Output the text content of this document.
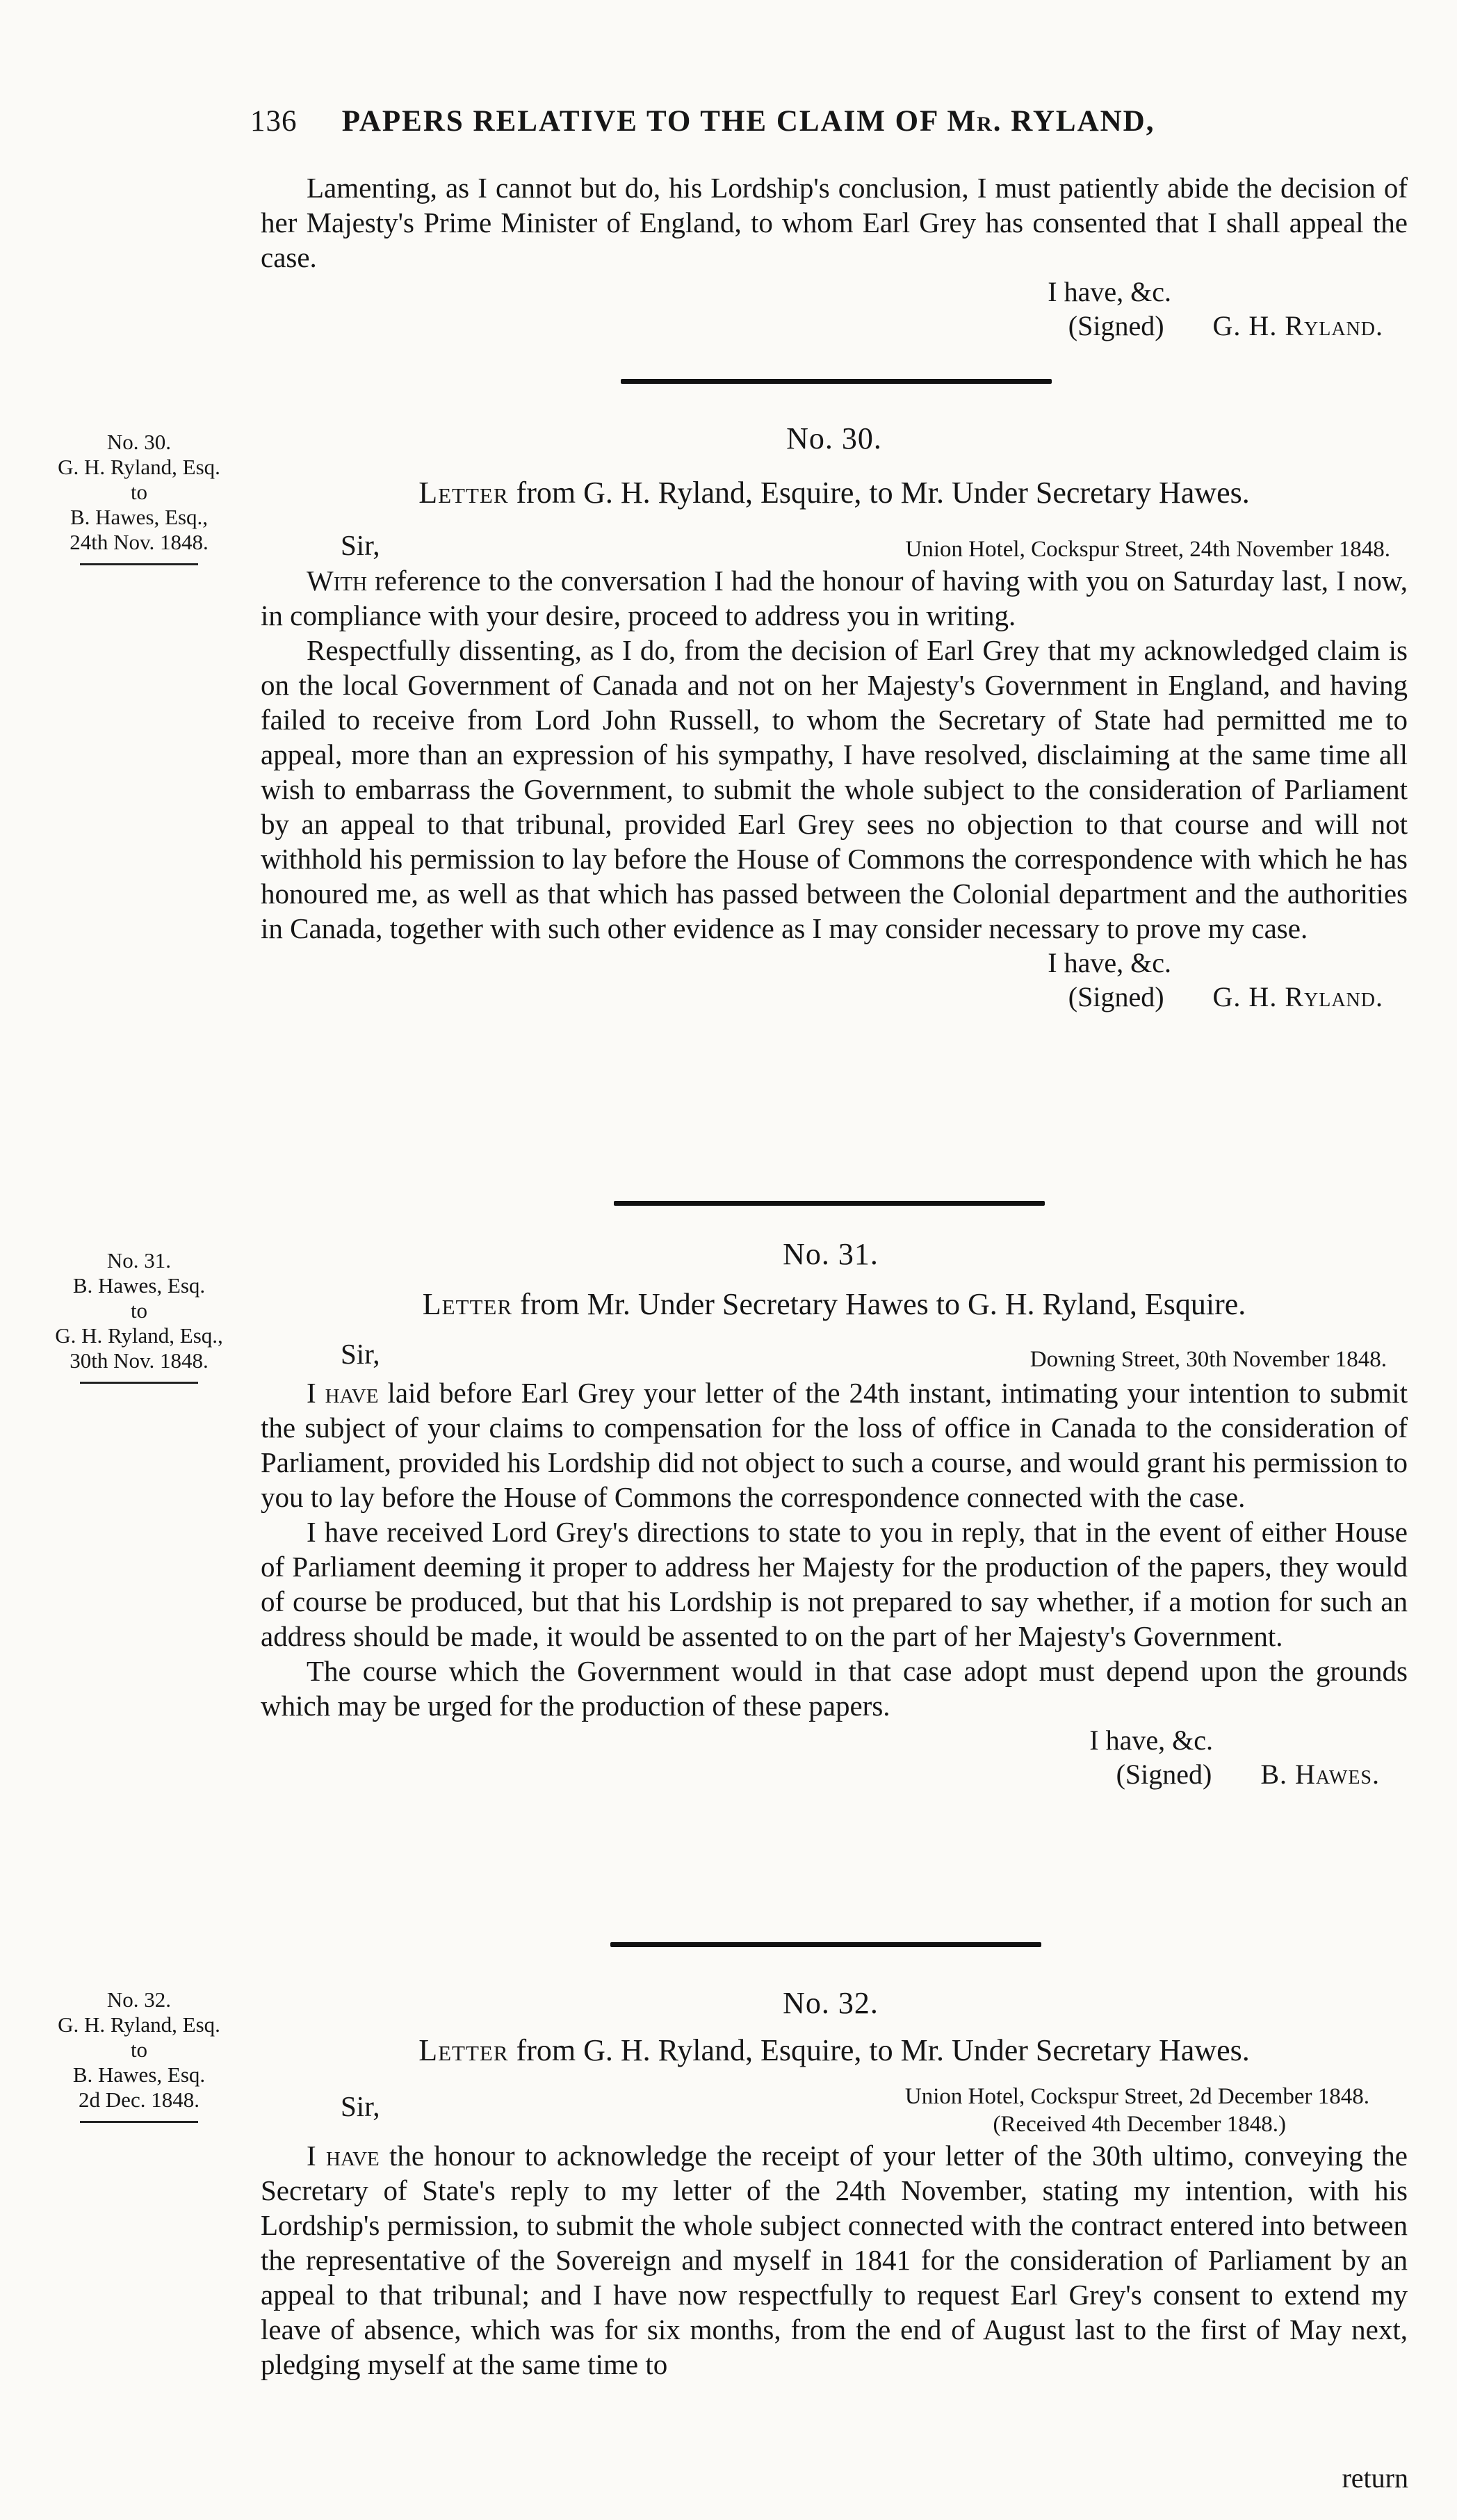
136 PAPERS RELATIVE TO THE CLAIM OF Mr. RYLAND,

Lamenting, as I cannot but do, his Lordship's conclusion, I must patiently abide the decision of her Majesty's Prime Minister of England, to whom Earl Grey has consented that I shall appeal the case.

I have, &c.
(Signed) G. H. Ryland.
No. 30.
G. H. Ryland, Esq.
to
B. Hawes, Esq.,
24th Nov. 1848.
No. 30.
Letter from G. H. Ryland, Esquire, to Mr. Under Secretary Hawes.
Sir,	Union Hotel, Cockspur Street, 24th November 1848.

With reference to the conversation I had the honour of having with you on Saturday last, I now, in compliance with your desire, proceed to address you in writing.

Respectfully dissenting, as I do, from the decision of Earl Grey that my acknowledged claim is on the local Government of Canada and not on her Majesty's Government in England, and having failed to receive from Lord John Russell, to whom the Secretary of State had permitted me to appeal, more than an expression of his sympathy, I have resolved, disclaiming at the same time all wish to embarrass the Government, to submit the whole subject to the consideration of Parliament by an appeal to that tribunal, provided Earl Grey sees no objection to that course and will not withhold his permission to lay before the House of Commons the correspondence with which he has honoured me, as well as that which has passed between the Colonial department and the authorities in Canada, together with such other evidence as I may consider necessary to prove my case.

I have, &c.
(Signed) G. H. Ryland.
No. 31.
B. Hawes, Esq.
to
G. H. Ryland, Esq.,
30th Nov. 1848.
No. 31.
Letter from Mr. Under Secretary Hawes to G. H. Ryland, Esquire.
Sir,	Downing Street, 30th November 1848.

I have laid before Earl Grey your letter of the 24th instant, intimating your intention to submit the subject of your claims to compensation for the loss of office in Canada to the consideration of Parliament, provided his Lordship did not object to such a course, and would grant his permission to you to lay before the House of Commons the correspondence connected with the case.

I have received Lord Grey's directions to state to you in reply, that in the event of either House of Parliament deeming it proper to address her Majesty for the production of the papers, they would of course be produced, but that his Lordship is not prepared to say whether, if a motion for such an address should be made, it would be assented to on the part of her Majesty's Government.

The course which the Government would in that case adopt must depend upon the grounds which may be urged for the production of these papers.

I have, &c.
(Signed) B. Hawes.
No. 32.
G. H. Ryland, Esq.
to
B. Hawes, Esq.
2d Dec. 1848.
No. 32.
Letter from G. H. Ryland, Esquire, to Mr. Under Secretary Hawes.
Sir,	Union Hotel, Cockspur Street, 2d December 1848.
(Received 4th December 1848.)

I have the honour to acknowledge the receipt of your letter of the 30th ultimo, conveying the Secretary of State's reply to my letter of the 24th November, stating my intention, with his Lordship's permission, to submit the whole subject connected with the contract entered into between the representative of the Sovereign and myself in 1841 for the consideration of Parliament by an appeal to that tribunal; and I have now respectfully to request Earl Grey's consent to extend my leave of absence, which was for six months, from the end of August last to the first of May next, pledging myself at the same time to

return
